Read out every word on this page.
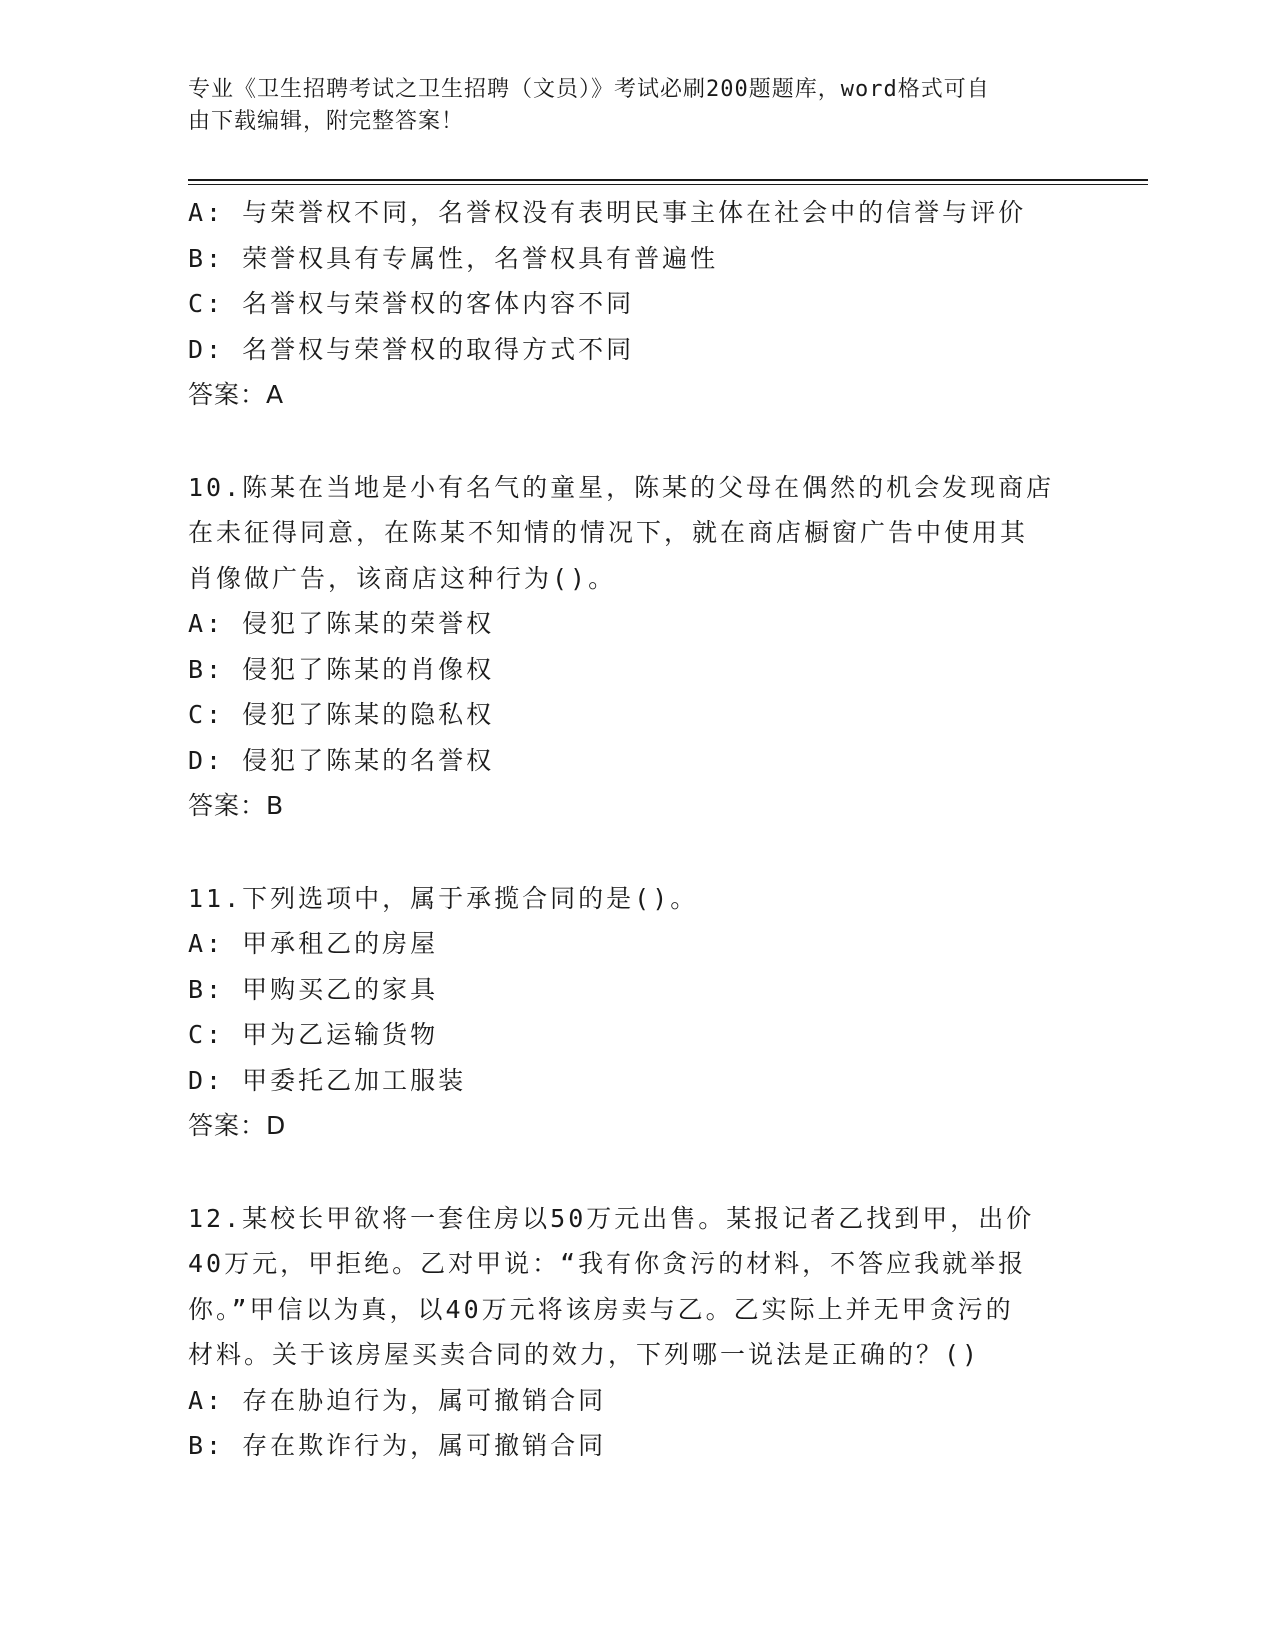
专业《卫生招聘考试之卫生招聘（文员）》考试必刷200题题库，word格式可自
由下载编辑，附完整答案！
A: 与荣誉权不同，名誉权没有表明民事主体在社会中的信誉与评价
B: 荣誉权具有专属性，名誉权具有普遍性
C: 名誉权与荣誉权的客体内容不同
D: 名誉权与荣誉权的取得方式不同
答案：A
10.陈某在当地是小有名气的童星，陈某的父母在偶然的机会发现商店
在未征得同意，在陈某不知情的情况下，就在商店橱窗广告中使用其
肖像做广告，该商店这种行为()。
A: 侵犯了陈某的荣誉权
B: 侵犯了陈某的肖像权
C: 侵犯了陈某的隐私权
D: 侵犯了陈某的名誉权
答案：B
11.下列选项中，属于承揽合同的是()。
A: 甲承租乙的房屋
B: 甲购买乙的家具
C: 甲为乙运输货物
D: 甲委托乙加工服装
答案：D
12.某校长甲欲将一套住房以50万元出售。某报记者乙找到甲，出价
40万元，甲拒绝。乙对甲说：“我有你贪污的材料，不答应我就举报
你。”甲信以为真，以40万元将该房卖与乙。乙实际上并无甲贪污的
材料。关于该房屋买卖合同的效力，下列哪一说法是正确的？()
A: 存在胁迫行为，属可撤销合同
B: 存在欺诈行为，属可撤销合同
